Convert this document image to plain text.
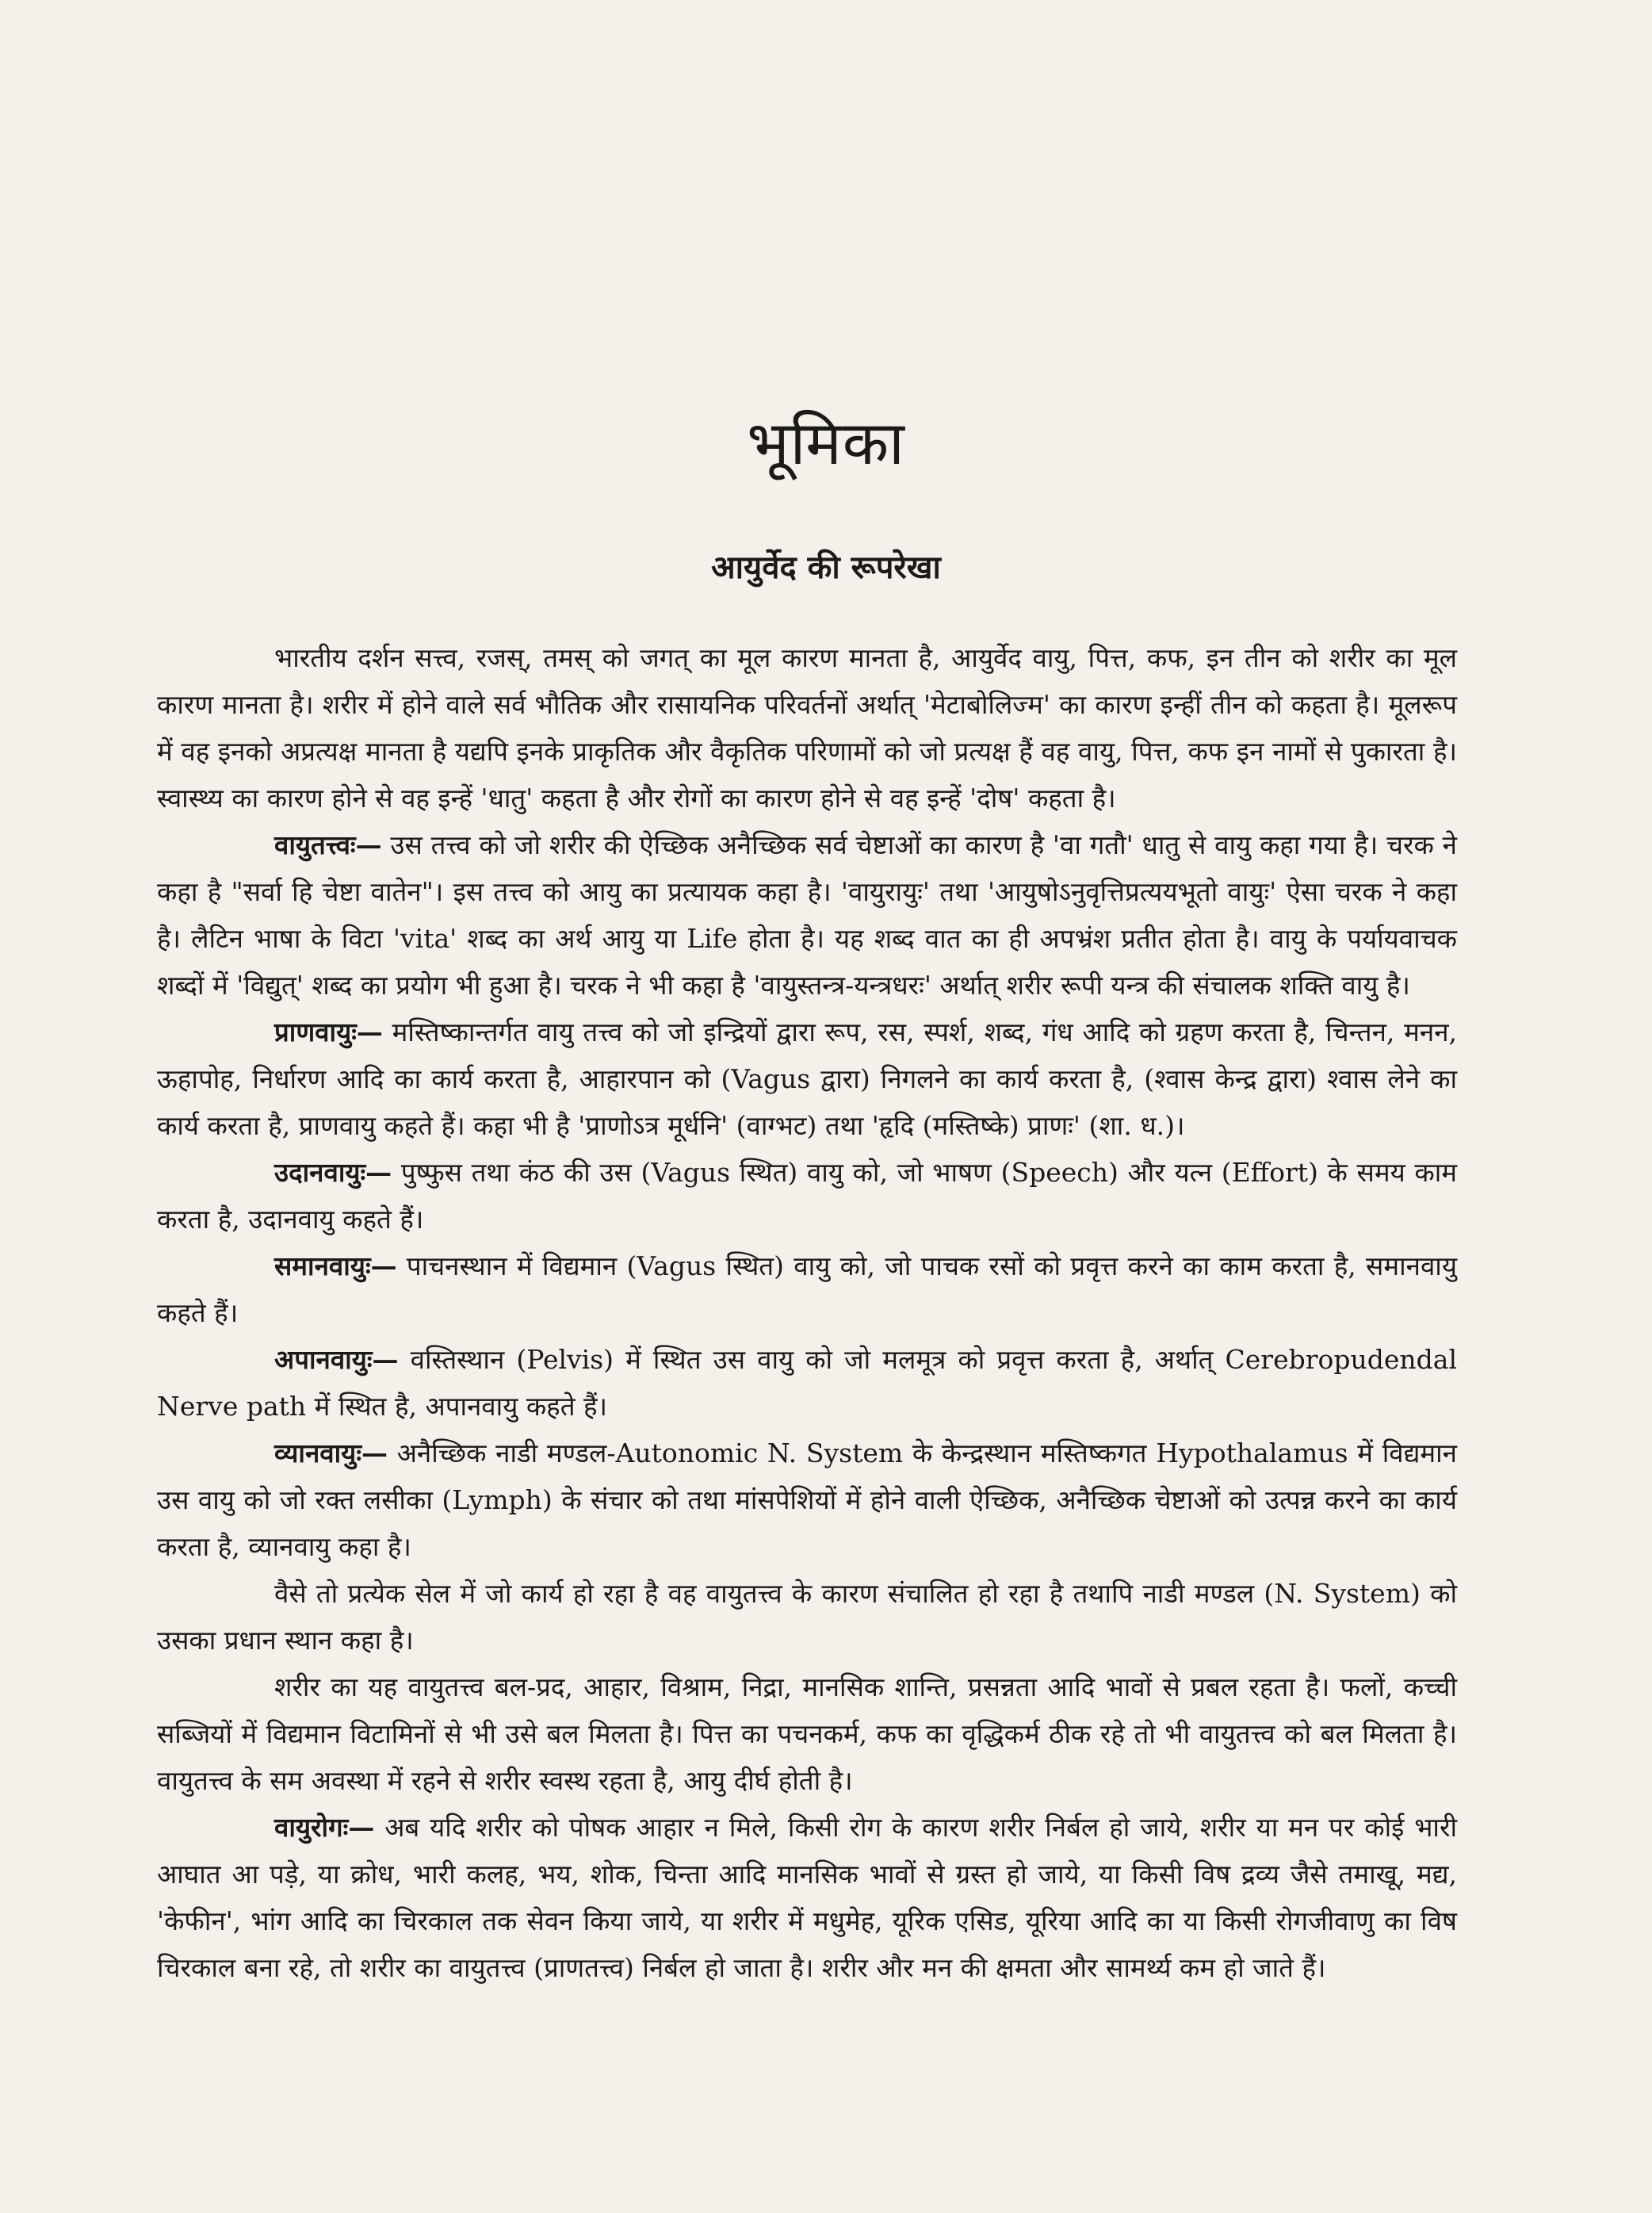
भूमिका
आयुर्वेद की रूपरेखा

भारतीय दर्शन सत्त्व, रजस्, तमस् को जगत् का मूल कारण मानता है, आयुर्वेद वायु, पित्त, कफ, इन तीन को शरीर का मूल कारण मानता है। शरीर में होने वाले सर्व भौतिक और रासायनिक परिवर्तनों अर्थात् 'मेटाबोलिज्म' का कारण इन्हीं तीन को कहता है। मूलरूप में वह इनको अप्रत्यक्ष मानता है यद्यपि इनके प्राकृतिक और वैकृतिक परिणामों को जो प्रत्यक्ष हैं वह वायु, पित्त, कफ इन नामों से पुकारता है। स्वास्थ्य का कारण होने से वह इन्हें 'धातु' कहता है और रोगों का कारण होने से वह इन्हें 'दोष' कहता है।

वायुतत्त्वः— उस तत्त्व को जो शरीर की ऐच्छिक अनैच्छिक सर्व चेष्टाओं का कारण है 'वा गतौ' धातु से वायु कहा गया है। चरक ने कहा है "सर्वा हि चेष्टा वातेन"। इस तत्त्व को आयु का प्रत्यायक कहा है। 'वायुरायुः' तथा 'आयुषोऽनुवृत्तिप्रत्ययभूतो वायुः' ऐसा चरक ने कहा है। लैटिन भाषा के विटा 'vita' शब्द का अर्थ आयु या Life होता है। यह शब्द वात का ही अपभ्रंश प्रतीत होता है। वायु के पर्यायवाचक शब्दों में 'विद्युत्' शब्द का प्रयोग भी हुआ है। चरक ने भी कहा है 'वायुस्तन्त्र-यन्त्रधरः' अर्थात् शरीर रूपी यन्त्र की संचालक शक्ति वायु है।

प्राणवायुः— मस्तिष्कान्तर्गत वायु तत्त्व को जो इन्द्रियों द्वारा रूप, रस, स्पर्श, शब्द, गंध आदि को ग्रहण करता है, चिन्तन, मनन, ऊहापोह, निर्धारण आदि का कार्य करता है, आहारपान को (Vagus द्वारा) निगलने का कार्य करता है, (श्वास केन्द्र द्वारा) श्वास लेने का कार्य करता है, प्राणवायु कहते हैं। कहा भी है 'प्राणोऽत्र मूर्धनि' (वाग्भट) तथा 'हृदि (मस्तिष्के) प्राणः' (शा. ध.)।

उदानवायुः— पुष्फुस तथा कंठ की उस (Vagus स्थित) वायु को, जो भाषण (Speech) और यत्न (Effort) के समय काम करता है, उदानवायु कहते हैं।

समानवायुः— पाचनस्थान में विद्यमान (Vagus स्थित) वायु को, जो पाचक रसों को प्रवृत्त करने का काम करता है, समानवायु कहते हैं।

अपानवायुः— वस्तिस्थान (Pelvis) में स्थित उस वायु को जो मलमूत्र को प्रवृत्त करता है, अर्थात् Cerebropudendal Nerve path में स्थित है, अपानवायु कहते हैं।

व्यानवायुः— अनैच्छिक नाडी मण्डल-Autonomic N. System के केन्द्रस्थान मस्तिष्कगत Hypothalamus में विद्यमान उस वायु को जो रक्त लसीका (Lymph) के संचार को तथा मांसपेशियों में होने वाली ऐच्छिक, अनैच्छिक चेष्टाओं को उत्पन्न करने का कार्य करता है, व्यानवायु कहा है।

वैसे तो प्रत्येक सेल में जो कार्य हो रहा है वह वायुतत्त्व के कारण संचालित हो रहा है तथापि नाडी मण्डल (N. System) को उसका प्रधान स्थान कहा है।

शरीर का यह वायुतत्त्व बल-प्रद, आहार, विश्राम, निद्रा, मानसिक शान्ति, प्रसन्नता आदि भावों से प्रबल रहता है। फलों, कच्ची सब्जियों में विद्यमान विटामिनों से भी उसे बल मिलता है। पित्त का पचनकर्म, कफ का वृद्धिकर्म ठीक रहे तो भी वायुतत्त्व को बल मिलता है। वायुतत्त्व के सम अवस्था में रहने से शरीर स्वस्थ रहता है, आयु दीर्घ होती है।

वायुरोगः— अब यदि शरीर को पोषक आहार न मिले, किसी रोग के कारण शरीर निर्बल हो जाये, शरीर या मन पर कोई भारी आघात आ पड़े, या क्रोध, भारी कलह, भय, शोक, चिन्ता आदि मानसिक भावों से ग्रस्त हो जाये, या किसी विष द्रव्य जैसे तमाखू, मद्य, 'केफीन', भांग आदि का चिरकाल तक सेवन किया जाये, या शरीर में मधुमेह, यूरिक एसिड, यूरिया आदि का या किसी रोगजीवाणु का विष चिरकाल बना रहे, तो शरीर का वायुतत्त्व (प्राणतत्त्व) निर्बल हो जाता है। शरीर और मन की क्षमता और सामर्थ्य कम हो जाते हैं।
